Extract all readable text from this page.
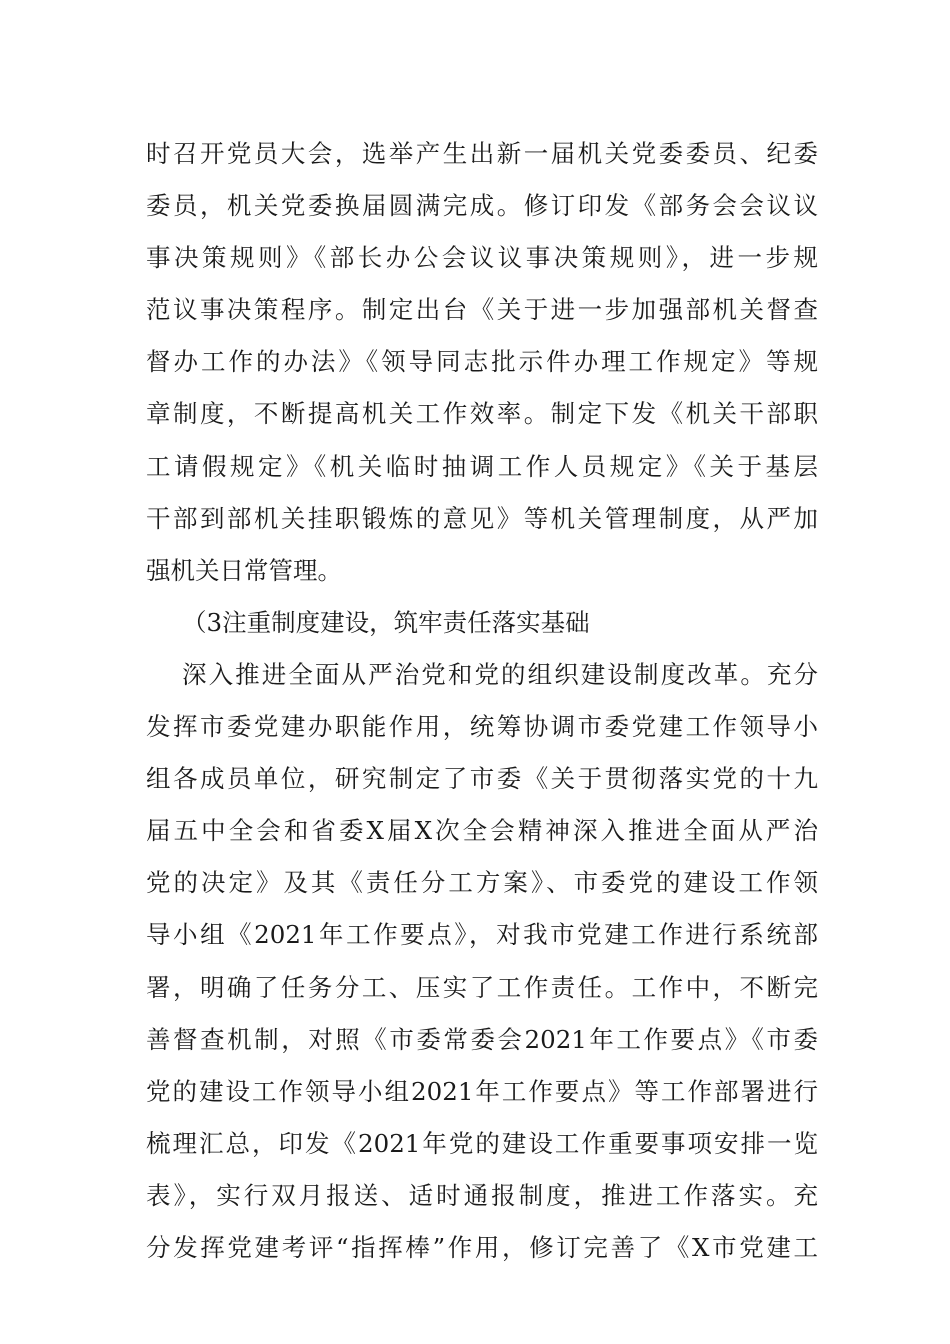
时召开党员大会，选举产生出新一届机关党委委员、纪委
委员，机关党委换届圆满完成。修订印发《部务会会议议
事决策规则》《部长办公会议议事决策规则》，进一步规
范议事决策程序。制定出台《关于进一步加强部机关督查
督办工作的办法》《领导同志批示件办理工作规定》等规
章制度，不断提高机关工作效率。制定下发《机关干部职
工请假规定》《机关临时抽调工作人员规定》《关于基层
干部到部机关挂职锻炼的意见》等机关管理制度，从严加
强机关日常管理。
（3注重制度建设，筑牢责任落实基础
深入推进全面从严治党和党的组织建设制度改革。充分
发挥市委党建办职能作用，统筹协调市委党建工作领导小
组各成员单位，研究制定了市委《关于贯彻落实党的十九
届五中全会和省委X届X次全会精神深入推进全面从严治
党的决定》及其《责任分工方案》、市委党的建设工作领
导小组《2021年工作要点》，对我市党建工作进行系统部
署，明确了任务分工、压实了工作责任。工作中，不断完
善督查机制，对照《市委常委会2021年工作要点》《市委
党的建设工作领导小组2021年工作要点》等工作部署进行
梳理汇总，印发《2021年党的建设工作重要事项安排一览
表》，实行双月报送、适时通报制度，推进工作落实。充
分发挥党建考评“指挥棒”作用，修订完善了《X市党建工
